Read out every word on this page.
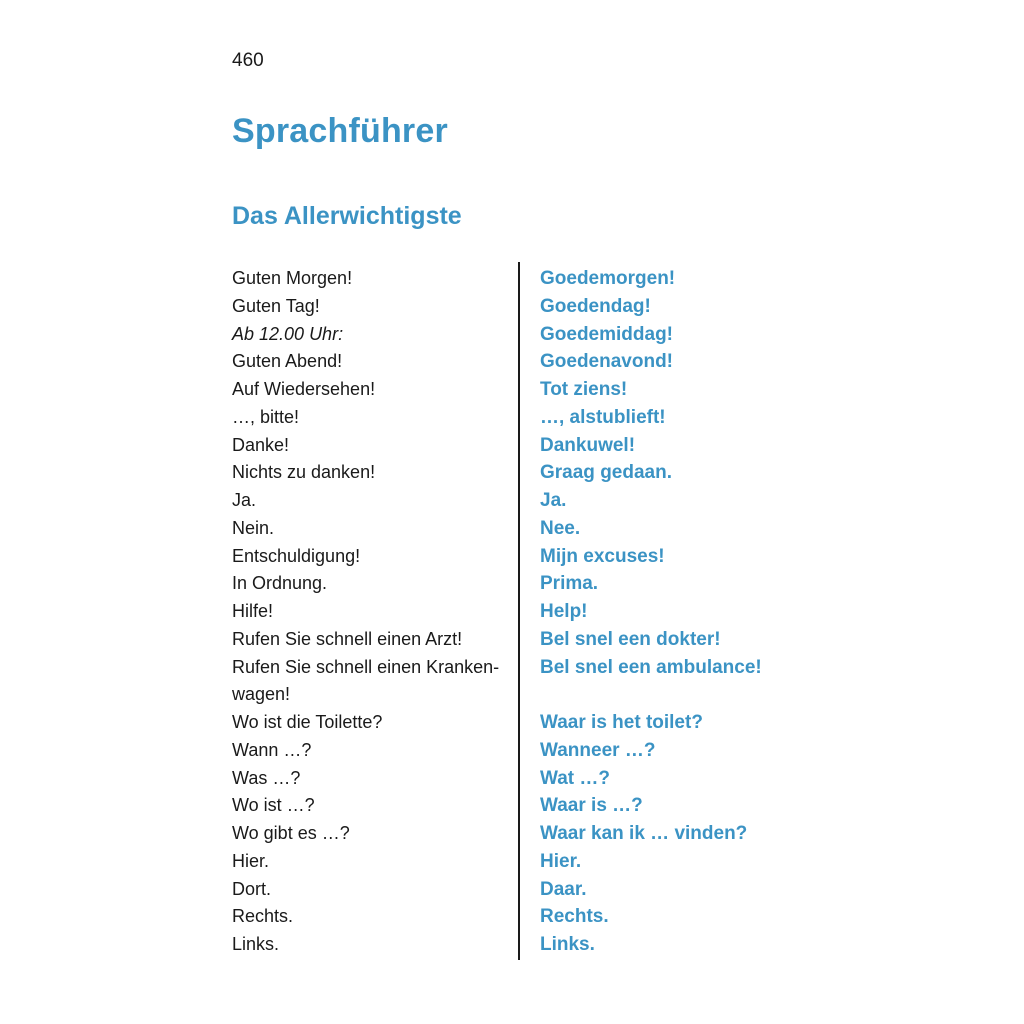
460
Sprachführer
Das Allerwichtigste
Guten Morgen!
Guten Tag!
Ab 12.00 Uhr:
Guten Abend!
Auf Wiedersehen!
…, bitte!
Danke!
Nichts zu danken!
Ja.
Nein.
Entschuldigung!
In Ordnung.
Hilfe!
Rufen Sie schnell einen Arzt!
Rufen Sie schnell einen Kranken-
wagen!
Wo ist die Toilette?
Wann …?
Was …?
Wo ist …?
Wo gibt es …?
Hier.
Dort.
Rechts.
Links.
Goedemorgen!
Goedendag!
Goedemiddag!
Goedenavond!
Tot ziens!
…, alstublieft!
Dankuwel!
Graag gedaan.
Ja.
Nee.
Mijn excuses!
Prima.
Help!
Bel snel een dokter!
Bel snel een ambulance!
Waar is het toilet?
Wanneer …?
Wat …?
Waar is …?
Waar kan ik … vinden?
Hier.
Daar.
Rechts.
Links.
